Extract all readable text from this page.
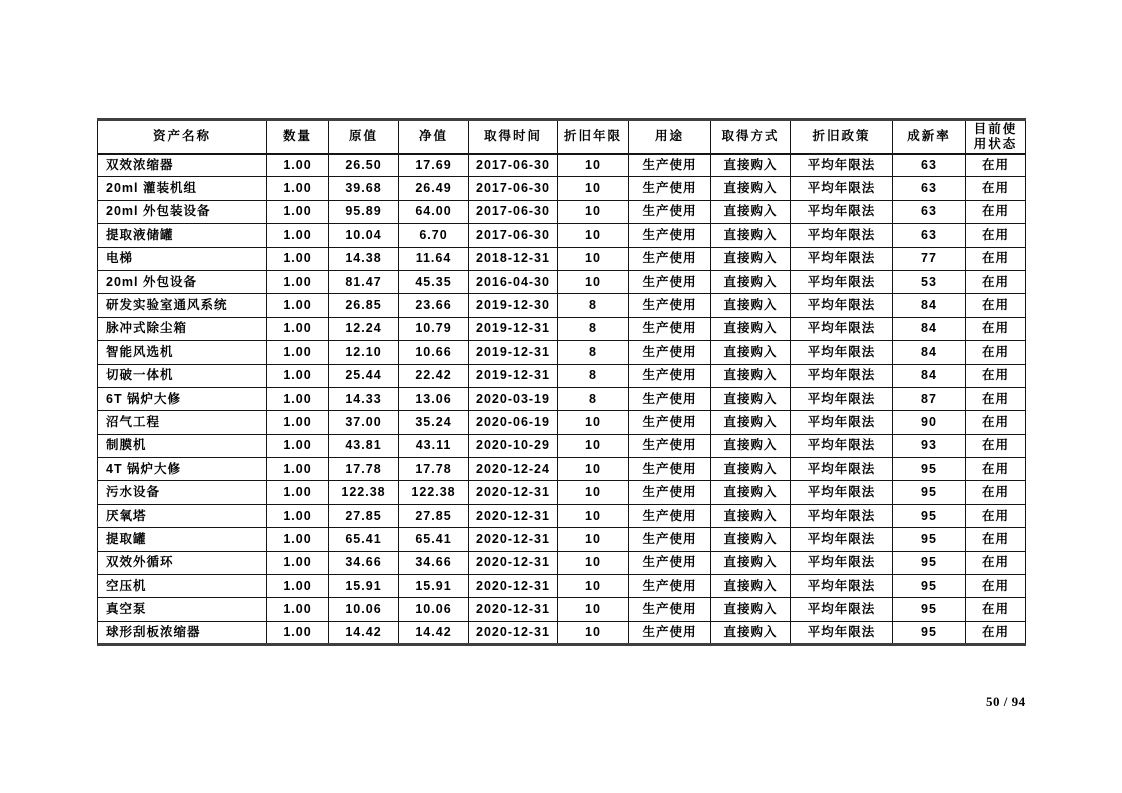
资产名称	数量	原值	净值	取得时间	折旧年限	用途	取得方式	折旧政策	成新率	目前使用状态
双效浓缩器	1.00	26.50	17.69	2017-06-30	10	生产使用	直接购入	平均年限法	63	在用
20ml 灌装机组	1.00	39.68	26.49	2017-06-30	10	生产使用	直接购入	平均年限法	63	在用
20ml 外包装设备	1.00	95.89	64.00	2017-06-30	10	生产使用	直接购入	平均年限法	63	在用
提取液储罐	1.00	10.04	6.70	2017-06-30	10	生产使用	直接购入	平均年限法	63	在用
电梯	1.00	14.38	11.64	2018-12-31	10	生产使用	直接购入	平均年限法	77	在用
20ml 外包设备	1.00	81.47	45.35	2016-04-30	10	生产使用	直接购入	平均年限法	53	在用
研发实验室通风系统	1.00	26.85	23.66	2019-12-30	8	生产使用	直接购入	平均年限法	84	在用
脉冲式除尘箱	1.00	12.24	10.79	2019-12-31	8	生产使用	直接购入	平均年限法	84	在用
智能风选机	1.00	12.10	10.66	2019-12-31	8	生产使用	直接购入	平均年限法	84	在用
切破一体机	1.00	25.44	22.42	2019-12-31	8	生产使用	直接购入	平均年限法	84	在用
6T 锅炉大修	1.00	14.33	13.06	2020-03-19	8	生产使用	直接购入	平均年限法	87	在用
沼气工程	1.00	37.00	35.24	2020-06-19	10	生产使用	直接购入	平均年限法	90	在用
制膜机	1.00	43.81	43.11	2020-10-29	10	生产使用	直接购入	平均年限法	93	在用
4T 锅炉大修	1.00	17.78	17.78	2020-12-24	10	生产使用	直接购入	平均年限法	95	在用
污水设备	1.00	122.38	122.38	2020-12-31	10	生产使用	直接购入	平均年限法	95	在用
厌氧塔	1.00	27.85	27.85	2020-12-31	10	生产使用	直接购入	平均年限法	95	在用
提取罐	1.00	65.41	65.41	2020-12-31	10	生产使用	直接购入	平均年限法	95	在用
双效外循环	1.00	34.66	34.66	2020-12-31	10	生产使用	直接购入	平均年限法	95	在用
空压机	1.00	15.91	15.91	2020-12-31	10	生产使用	直接购入	平均年限法	95	在用
真空泵	1.00	10.06	10.06	2020-12-31	10	生产使用	直接购入	平均年限法	95	在用
球形刮板浓缩器	1.00	14.42	14.42	2020-12-31	10	生产使用	直接购入	平均年限法	95	在用
50 / 94
